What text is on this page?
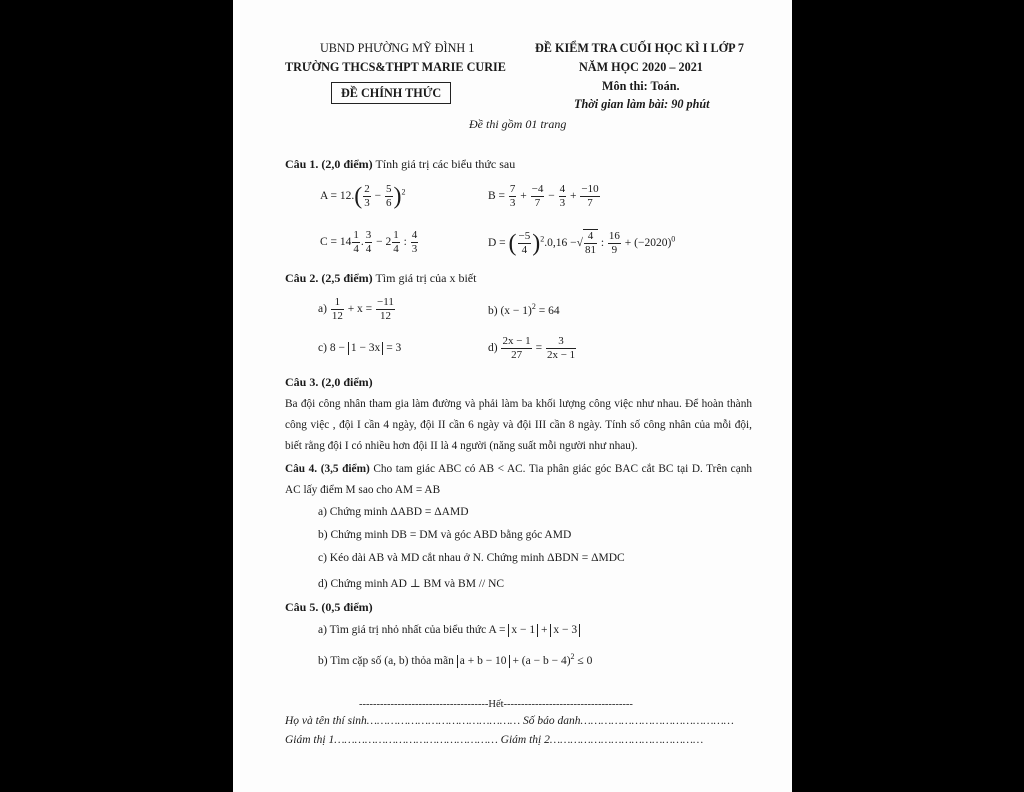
UBND PHƯỜNG MỸ ĐÌNH 1
TRƯỜNG THCS&THPT MARIE CURIE
ĐỀ CHÍNH THỨC
ĐỀ KIỂM TRA CUỐI HỌC KÌ I LỚP 7
NĂM HỌC 2020 – 2021
Môn thi: Toán.
Thời gian làm bài: 90 phút
Đề thi gồm 01 trang
Câu 1. (2,0 điểm) Tính giá trị các biểu thức sau
$A = 12.( \frac{2}{3} - \frac{5}{6} )^2$	$B = \frac{7}{3} + \frac{-4}{7} - \frac{4}{3} + \frac{-10}{7}$
$C = 14 \frac{1}{4}$ . $\frac{3}{4} - 2 \frac{1}{4}$ : $\frac{4}{3}$	D = ( $\frac{-5}{4} )^2.0,16$ −√ $\frac{4}{81}$ : $\frac{16}{9} + (-2020)^0$
Câu 2. (2,5 điểm) Tìm giá trị của x biết
$a) \frac{1}{12} + x = \frac{-11}{12}$	b) $(x - 1)^2 = 64$
c) 8 − 1 − 3x = 3	$d) \frac{2x - 1}{27} = \frac{3}{2x - 1}$
Câu 3. (2,0 điểm)
Ba đội công nhân tham gia làm đường và phải làm ba khối lượng công việc như nhau. Để hoàn thành công việc , đội I cần 4 ngày, đội II cần 6 ngày và đội III cần 8 ngày. Tính số công nhân của mỗi đội, biết rằng đội I có nhiều hơn đội II là 4 người (năng suất mỗi người như nhau).
Câu 4. (3,5 điểm) Cho tam giác ABC có AB < AC. Tia phân giác góc BAC cắt BC tại D. Trên cạnh AC lấy điểm M sao cho AM = AB
a) Chứng minh ΔABD = ΔAMD
b) Chứng minh DB = DM và góc ABD bằng góc AMD
c) Kéo dài AB và MD cắt nhau ở N. Chứng minh ΔBDN = ΔMDC
d) Chứng minh AD ⊥ BM và BM // NC
Câu 5. (0,5 điểm)
a) Tìm giá trị nhỏ nhất của biểu thức A = x − 1 + x − 3
b) Tìm cặp số (a, b) thỏa mãn $a + b - 10 + (a - b - 4)^2 \le 0$
-------------------------------------Hết-------------------------------------
Họ và tên thí sinh……………………………………… Số báo danh………………………………………
Giám thị 1………………………………………… Giám thị 2………………………………………
